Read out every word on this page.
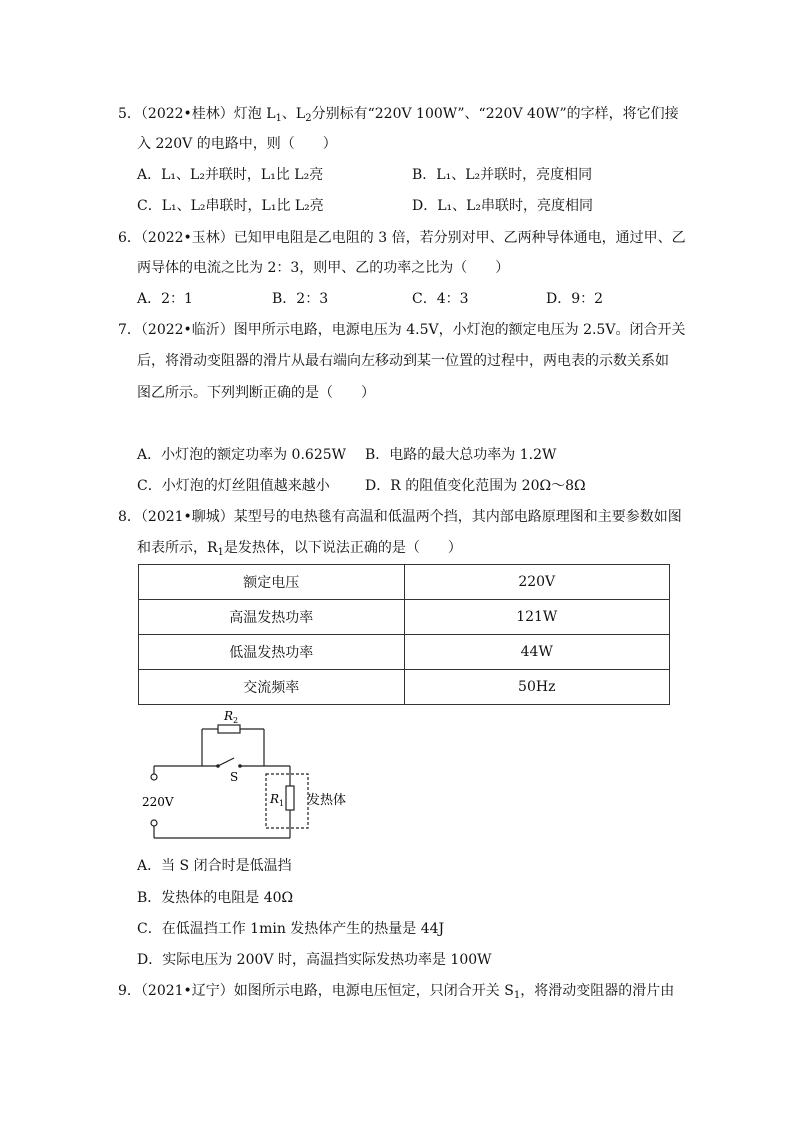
5．（2022•桂林）灯泡 $L_1$、$L_2$分别标有“220V 100W”、“220V 40W”的字样，将它们接
入 220V 的电路中，则（　　）
A．L₁、L₂并联时，L₁比 L₂亮	B．L₁、L₂并联时，亮度相同
C．L₁、L₂串联时，L₁比 L₂亮	D．L₁、L₂串联时，亮度相同
6．（2022•玉林）已知甲电阻是乙电阻的 3 倍，若分别对甲、乙两种导体通电，通过甲、乙
两导体的电流之比为 2：3，则甲、乙的功率之比为（　　）
A．2：1	B．2：3	C．4：3	D．9：2
7．（2022•临沂）图甲所示电路，电源电压为 4.5V，小灯泡的额定电压为 2.5V。闭合开关
后，将滑动变阻器的滑片从最右端向左移动到某一位置的过程中，两电表的示数关系如
图乙所示。下列判断正确的是（　　）
A．小灯泡的额定功率为 0.625W B．电路的最大总功率为 1.2W
C．小灯泡的灯丝阻值越来越小	D．R 的阻值变化范围为 20Ω～8Ω
8．（2021•聊城）某型号的电热毯有高温和低温两个挡，其内部电路原理图和主要参数如图
和表所示，$R_1$是发热体，以下说法正确的是（　　）
额定电压	220V
高温发热功率	121W
低温发热功率	44W
交流频率	50Hz
$R_2$
S
220V	$R_1$ 发热体
A．当 S 闭合时是低温挡
B．发热体的电阻是 40Ω
C．在低温挡工作 1min 发热体产生的热量是 44J
D．实际电压为 200V 时，高温挡实际发热功率是 100W
9．（2021•辽宁）如图所示电路，电源电压恒定，只闭合开关 $S_1$，将滑动变阻器的滑片由
